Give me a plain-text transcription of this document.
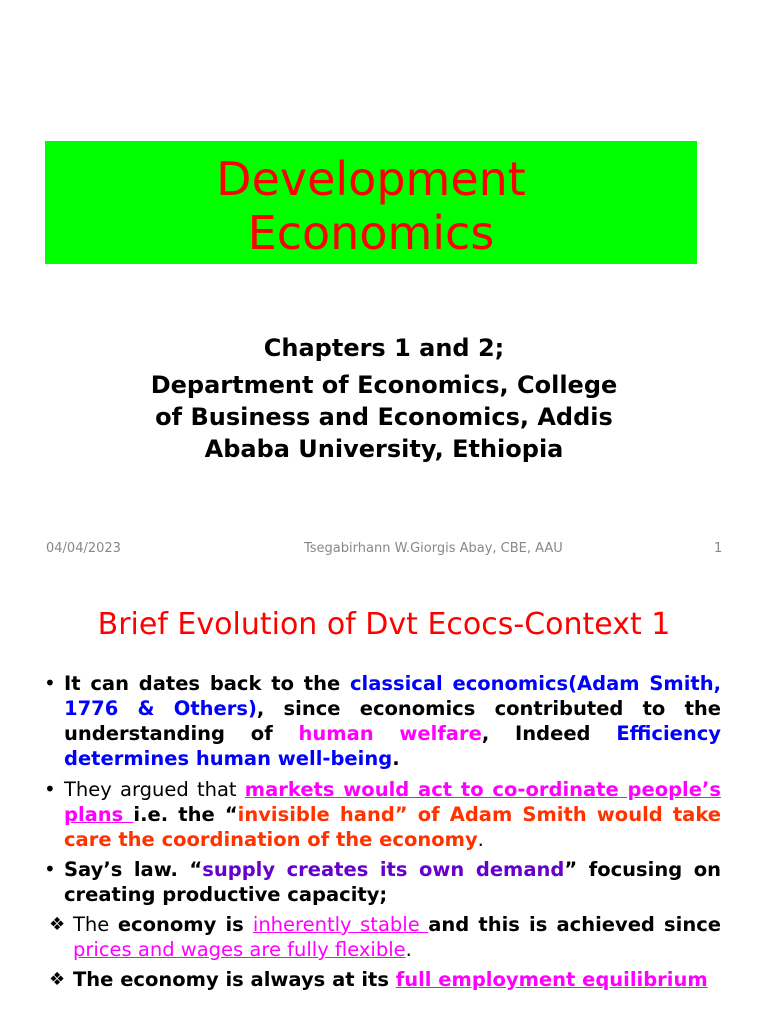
Development
Economics
Chapters 1 and 2;
Department of Economics, College
of Business and Economics, Addis
Ababa University, Ethiopia
04/04/2023	Tsegabirhann W.Giorgis Abay, CBE, AAU	1
Brief Evolution of Dvt Ecocs-Context 1
• It can dates back to the classical economics(Adam Smith, 1776 & Others), since economics contributed to the understanding of human welfare, Indeed Efficiency determines human well-being.
• They argued that markets would act to co-ordinate people’s plans i.e. the “invisible hand” of Adam Smith would take care the coordination of the economy.
• Say’s law. “supply creates its own demand” focusing on creating productive capacity;
❖ The economy is inherently stable and this is achieved since prices and wages are fully flexible.
❖ The economy is always at its full employment equilibrium
